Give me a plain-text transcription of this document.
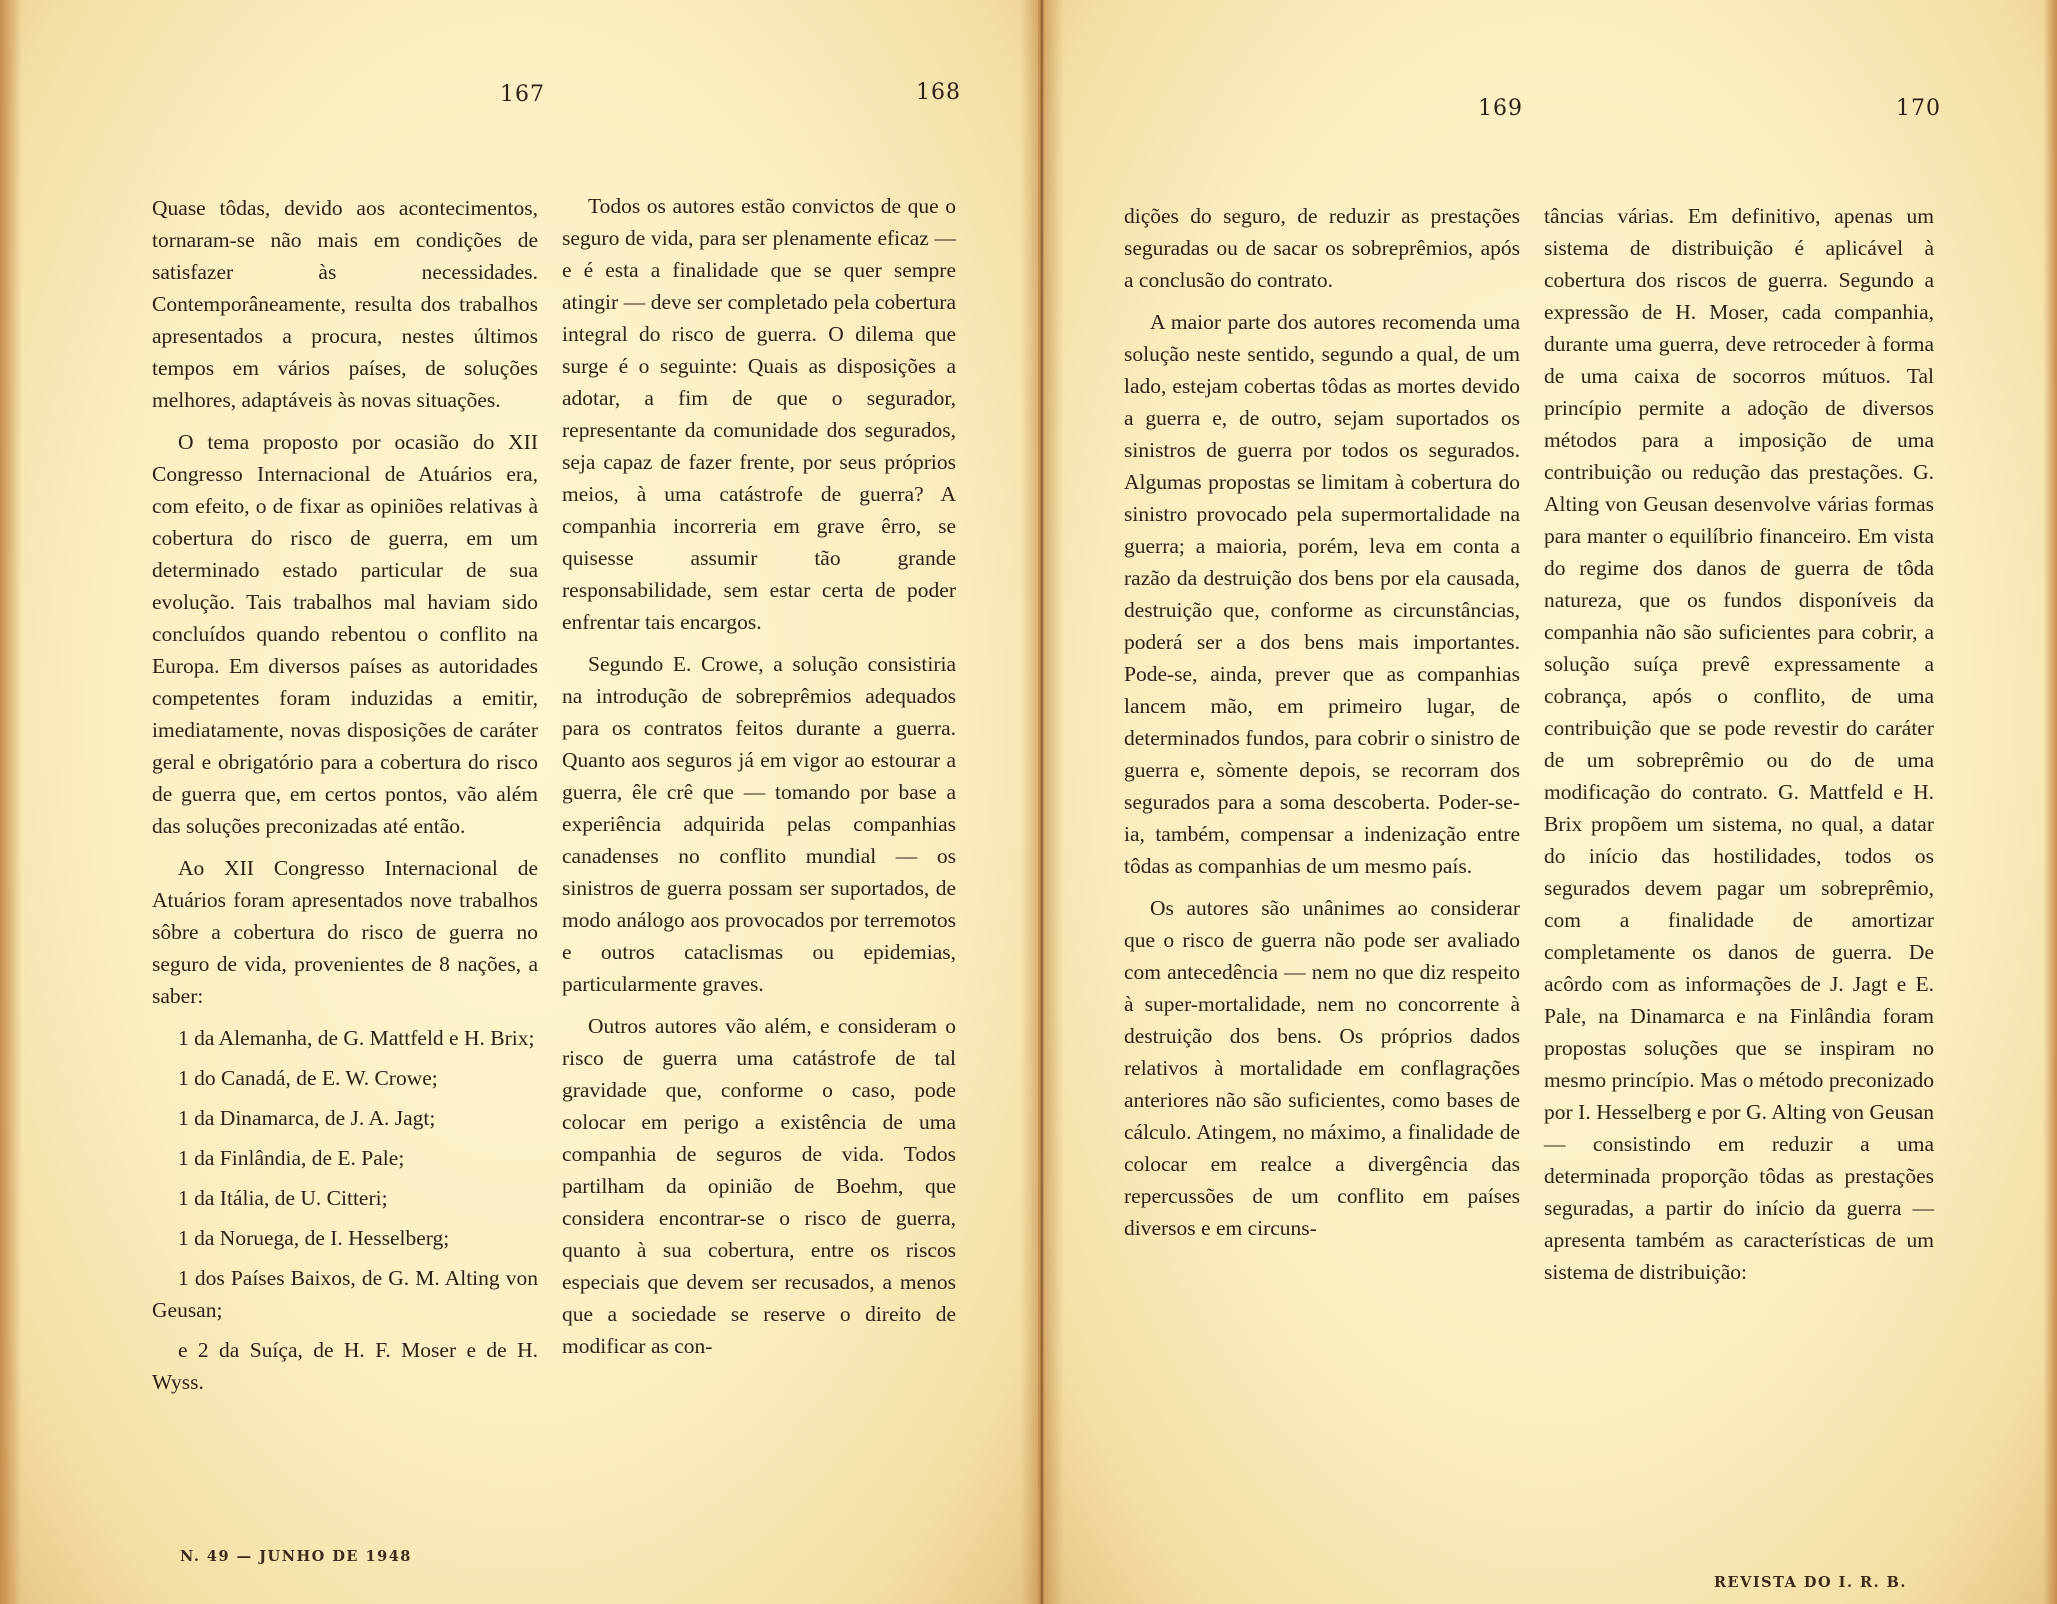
167	168

Quase tôdas, devido aos acontecimentos, tornaram-se não mais em condições de satisfazer às necessidades. Contemporâneamente, resulta dos trabalhos apresentados a procura, nestes últimos tempos em vários países, de soluções melhores, adaptáveis às novas situações.

O tema proposto por ocasião do XII Congresso Internacional de Atuários era, com efeito, o de fixar as opiniões relativas à cobertura do risco de guerra, em um determinado estado particular de sua evolução. Tais trabalhos mal haviam sido concluídos quando rebentou o conflito na Europa. Em diversos países as autoridades competentes foram induzidas a emitir, imediatamente, novas disposições de caráter geral e obrigatório para a cobertura do risco de guerra que, em certos pontos, vão além das soluções preconizadas até então.

Ao XII Congresso Internacional de Atuários foram apresentados nove trabalhos sôbre a cobertura do risco de guerra no seguro de vida, provenientes de 8 nações, a saber:

1 da Alemanha, de G. Mattfeld e H. Brix;

1 do Canadá, de E. W. Crowe;

1 da Dinamarca, de J. A. Jagt;

1 da Finlândia, de E. Pale;

1 da Itália, de U. Citteri;

1 da Noruega, de I. Hesselberg;

1 dos Países Baixos, de G. M. Alting von Geusan;

e 2 da Suíça, de H. F. Moser e de H. Wyss.

Todos os autores estão convictos de que o seguro de vida, para ser plenamente eficaz — e é esta a finalidade que se quer sempre atingir — deve ser completado pela cobertura integral do risco de guerra. O dilema que surge é o seguinte: Quais as disposições a adotar, a fim de que o segurador, representante da comunidade dos segurados, seja capaz de fazer frente, por seus próprios meios, à uma catástrofe de guerra? A companhia incorreria em grave êrro, se quisesse assumir tão grande responsabilidade, sem estar certa de poder enfrentar tais encargos.

Segundo E. Crowe, a solução consistiria na introdução de sobreprêmios adequados para os contratos feitos durante a guerra. Quanto aos seguros já em vigor ao estourar a guerra, êle crê que — tomando por base a experiência adquirida pelas companhias canadenses no conflito mundial — os sinistros de guerra possam ser suportados, de modo análogo aos provocados por terremotos e outros cataclismas ou epidemias, particularmente graves.

Outros autores vão além, e consideram o risco de guerra uma catástrofe de tal gravidade que, conforme o caso, pode colocar em perigo a existência de uma companhia de seguros de vida. Todos partilham da opinião de Boehm, que considera encontrar-se o risco de guerra, quanto à sua cobertura, entre os riscos especiais que devem ser recusados, a menos que a sociedade se reserve o direito de modificar as con-

N. 49 — JUNHO DE 1948
169	170

dições do seguro, de reduzir as prestações seguradas ou de sacar os sobreprêmios, após a conclusão do contrato.

A maior parte dos autores recomenda uma solução neste sentido, segundo a qual, de um lado, estejam cobertas tôdas as mortes devido a guerra e, de outro, sejam suportados os sinistros de guerra por todos os segurados. Algumas propostas se limitam à cobertura do sinistro provocado pela supermortalidade na guerra; a maioria, porém, leva em conta a razão da destruição dos bens por ela causada, destruição que, conforme as circunstâncias, poderá ser a dos bens mais importantes. Pode-se, ainda, prever que as companhias lancem mão, em primeiro lugar, de determinados fundos, para cobrir o sinistro de guerra e, sòmente depois, se recorram dos segurados para a soma descoberta. Poder-se-ia, também, compensar a indenização entre tôdas as companhias de um mesmo país.

Os autores são unânimes ao considerar que o risco de guerra não pode ser avaliado com antecedência — nem no que diz respeito à super-mortalidade, nem no concorrente à destruição dos bens. Os próprios dados relativos à mortalidade em conflagrações anteriores não são suficientes, como bases de cálculo. Atingem, no máximo, a finalidade de colocar em realce a divergência das repercussões de um conflito em países diversos e em circuns-

tâncias várias. Em definitivo, apenas um sistema de distribuição é aplicável à cobertura dos riscos de guerra. Segundo a expressão de H. Moser, cada companhia, durante uma guerra, deve retroceder à forma de uma caixa de socorros mútuos. Tal princípio permite a adoção de diversos métodos para a imposição de uma contribuição ou redução das prestações. G. Alting von Geusan desenvolve várias formas para manter o equilíbrio financeiro. Em vista do regime dos danos de guerra de tôda natureza, que os fundos disponíveis da companhia não são suficientes para cobrir, a solução suíça prevê expressamente a cobrança, após o conflito, de uma contribuição que se pode revestir do caráter de um sobreprêmio ou do de uma modificação do contrato. G. Mattfeld e H. Brix propõem um sistema, no qual, a datar do início das hostilidades, todos os segurados devem pagar um sobreprêmio, com a finalidade de amortizar completamente os danos de guerra. De acôrdo com as informações de J. Jagt e E. Pale, na Dinamarca e na Finlândia foram propostas soluções que se inspiram no mesmo princípio. Mas o método preconizado por I. Hesselberg e por G. Alting von Geusan — consistindo em reduzir a uma determinada proporção tôdas as prestações seguradas, a partir do início da guerra — apresenta também as características de um sistema de distribuição:

REVISTA DO I. R. B.
